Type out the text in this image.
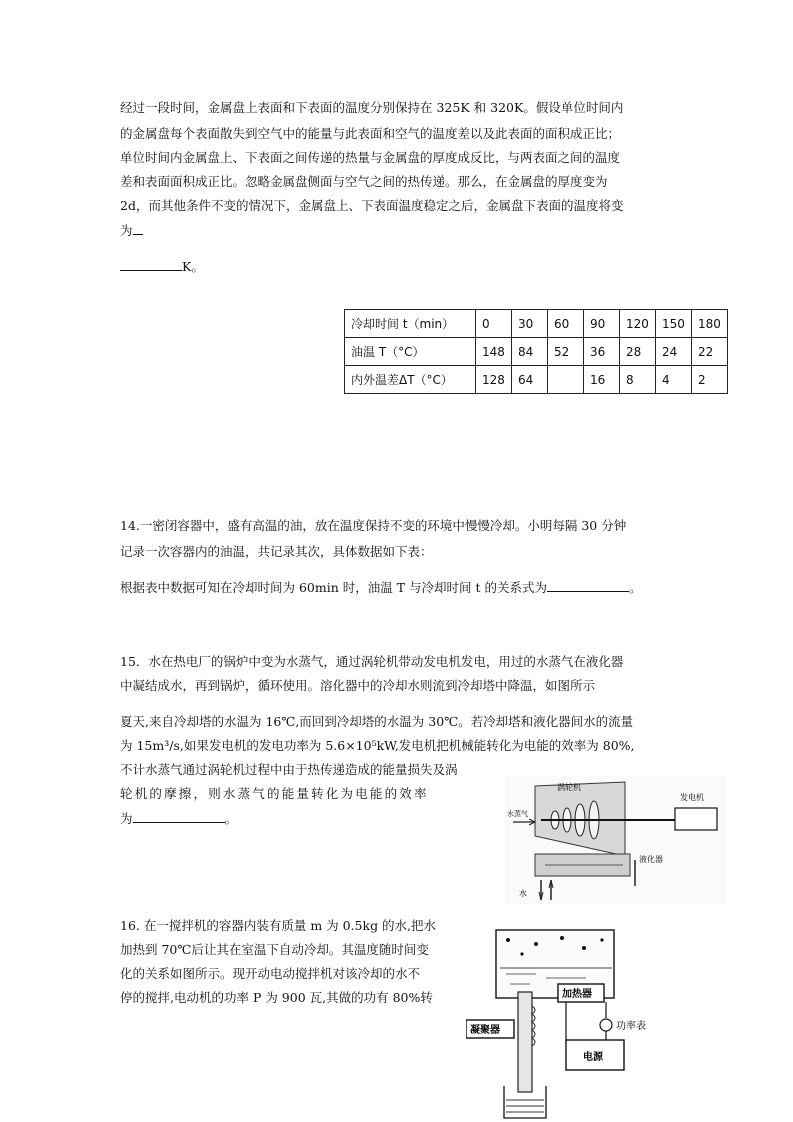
经过一段时间，金属盘上表面和下表面的温度分别保持在 325K 和 320K。假设单位时间内
的金属盘每个表面散失到空气中的能量与此表面和空气的温度差以及此表面的面积成正比；
单位时间内金属盘上、下表面之间传递的热量与金属盘的厚度成反比，与两表面之间的温度
差和表面面积成正比。忽略金属盘侧面与空气之间的热传递。那么，在金属盘的厚度变为
2d，而其他条件不变的情况下，金属盘上、下表面温度稳定之后，金属盘下表面的温度将变
为
K。
冷却时间 t（min）	0	30	60	90	120	150	180
油温 T（°C）	148	84	52	36	28	24	22
内外温差ΔT（°C）	128	64		16	8	4	2
14.一密闭容器中，盛有高温的油，放在温度保持不变的环境中慢慢冷却。小明每隔 30 分钟
记录一次容器内的油温，共记录其次，具体数据如下表：
根据表中数据可知在冷却时间为 60min 时，油温 T 与冷却时间 t 的关系式为	。
15．水在热电厂的锅炉中变为水蒸气，通过涡轮机带动发电机发电，用过的水蒸气在液化器
中凝结成水，再到锅炉，循环使用。溶化器中的冷却水则流到冷却塔中降温，如图所示
夏天,来自冷却塔的水温为 16℃,而回到冷却塔的水温为 30℃。若冷却塔和液化器间水的流量
为 15m³/s,如果发电机的发电功率为 5.6×10⁵kW,发电机把机械能转化为电能的效率为 80%,
不计水蒸气通过涡轮机过程中由于热传递造成的能量损失及涡
轮机的摩擦，则水蒸气的能量转化为电能的效率
为	。
涡轮机
发电机
水蒸气
液化器
水
16. 在一搅拌机的容器内装有质量 m 为 0.5kg 的水,把水
加热到 70℃后让其在室温下自动冷却。其温度随时间变
化的关系如图所示。现开动电动搅拌机对该冷却的水不
停的搅拌,电动机的功率 P 为 900 瓦,其做的功有 80%转	加热器
功率表
电源
凝聚器
